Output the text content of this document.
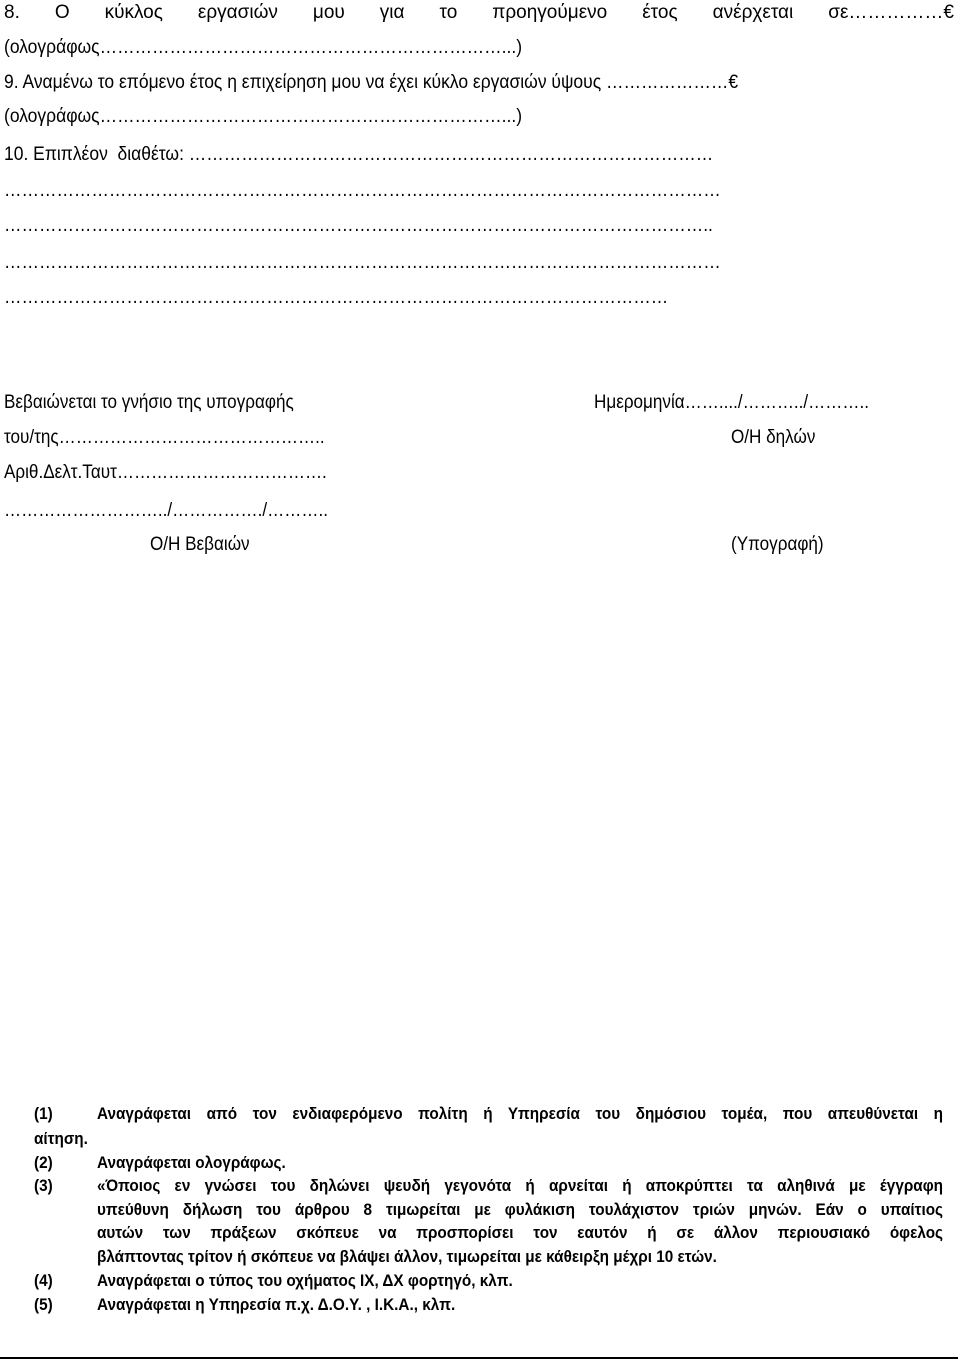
8. Ο κύκλος εργασιών μου για το προηγούμενο έτος ανέρχεται σε……………€
(ολογράφως……………………………………………………………...)
9. Αναμένω το επόμενο έτος η επιχείρηση μου να έχει κύκλο εργασιών ύψους …………………€
(ολογράφως……………………………………………………………...)
10. Επιπλέον  διαθέτω: ………………………………………………………………………………
……………………………………………………………………………………………………………
…………………………………………………………………………………………………………..
……………………………………………………………………………………………………………
……………………………………………………………………………………………………
Βεβαιώνεται το γνήσιο της υπογραφής	Ημερομηνία……..../………../………..
του/της………………………………………..	Ο/Η δηλών
Αριθ.Δελτ.Ταυτ……………………………….
………………………../……………./………..
Ο/Η Βεβαιών	(Υπογραφή)
(1)	Αναγράφεται από τον ενδιαφερόμενο πολίτη ή Υπηρεσία του δημόσιου τομέα, που απευθύνεται η
αίτηση.
(2)	Αναγράφεται ολογράφως.
(3)	«Όποιος εν γνώσει του δηλώνει ψευδή γεγονότα ή αρνείται ή αποκρύπτει τα αληθινά με έγγραφη
υπεύθυνη δήλωση του άρθρου 8 τιμωρείται με φυλάκιση τουλάχιστον τριών μηνών. Εάν ο υπαίτιος
αυτών των πράξεων σκόπευε να προσπορίσει τον εαυτόν ή σε άλλον περιουσιακό όφελος
βλάπτοντας τρίτον ή σκόπευε να βλάψει άλλον, τιμωρείται με κάθειρξη μέχρι 10 ετών.
(4)	Αναγράφεται ο τύπος του οχήματος ΙΧ, ΔΧ φορτηγό, κλπ.
(5)	Αναγράφεται η Υπηρεσία π.χ. Δ.Ο.Υ. , Ι.Κ.Α., κλπ.
